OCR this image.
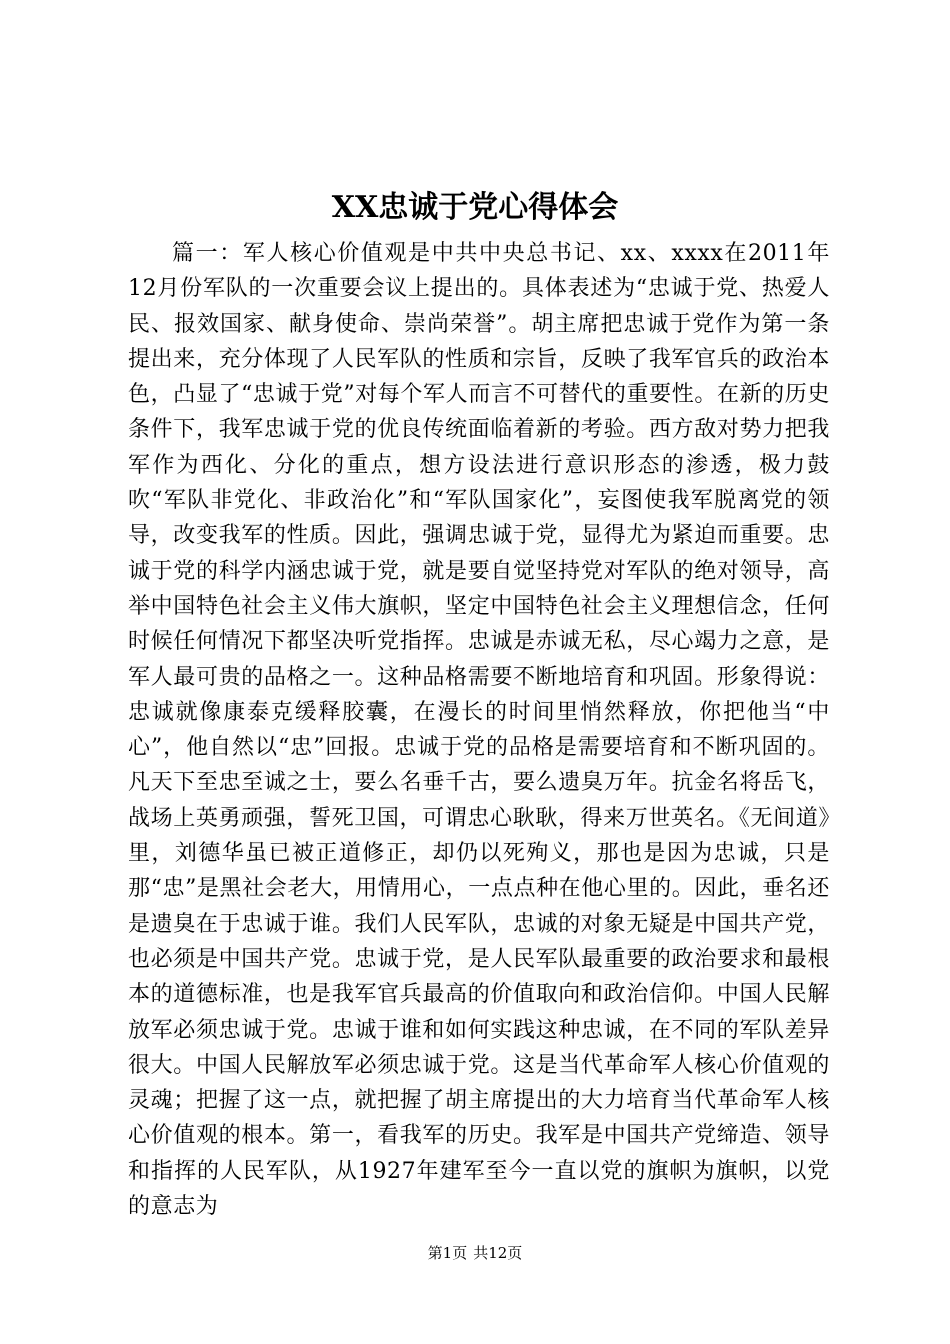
XX忠诚于党心得体会

篇一：军人核心价值观是中共中央总书记、xx、xxxx在2011年12月份军队的一次重要会议上提出的。具体表述为“忠诚于党、热爱人民、报效国家、献身使命、崇尚荣誉”。胡主席把忠诚于党作为第一条提出来，充分体现了人民军队的性质和宗旨，反映了我军官兵的政治本色，凸显了“忠诚于党”对每个军人而言不可替代的重要性。在新的历史条件下，我军忠诚于党的优良传统面临着新的考验。西方敌对势力把我军作为西化、分化的重点，想方设法进行意识形态的渗透，极力鼓吹“军队非党化、非政治化”和“军队国家化”，妄图使我军脱离党的领导，改变我军的性质。因此，强调忠诚于党，显得尤为紧迫而重要。忠诚于党的科学内涵忠诚于党，就是要自觉坚持党对军队的绝对领导，高举中国特色社会主义伟大旗帜，坚定中国特色社会主义理想信念，任何时候任何情况下都坚决听党指挥。忠诚是赤诚无私，尽心竭力之意，是军人最可贵的品格之一。这种品格需要不断地培育和巩固。形象得说：忠诚就像康泰克缓释胶囊，在漫长的时间里悄然释放，你把他当“中心”，他自然以“忠”回报。忠诚于党的品格是需要培育和不断巩固的。凡天下至忠至诚之士，要么名垂千古，要么遗臭万年。抗金名将岳飞，战场上英勇顽强，誓死卫国，可谓忠心耿耿，得来万世英名。《无间道》里，刘德华虽已被正道修正，却仍以死殉义，那也是因为忠诚，只是那“忠”是黑社会老大，用情用心，一点点种在他心里的。因此，垂名还是遗臭在于忠诚于谁。我们人民军队，忠诚的对象无疑是中国共产党，也必须是中国共产党。忠诚于党，是人民军队最重要的政治要求和最根本的道德标准，也是我军官兵最高的价值取向和政治信仰。中国人民解放军必须忠诚于党。忠诚于谁和如何实践这种忠诚，在不同的军队差异很大。中国人民解放军必须忠诚于党。这是当代革命军人核心价值观的灵魂；把握了这一点，就把握了胡主席提出的大力培育当代革命军人核心价值观的根本。第一，看我军的历史。我军是中国共产党缔造、领导和指挥的人民军队，从1927年建军至今一直以党的旗帜为旗帜，以党的意志为

第1页 共12页
